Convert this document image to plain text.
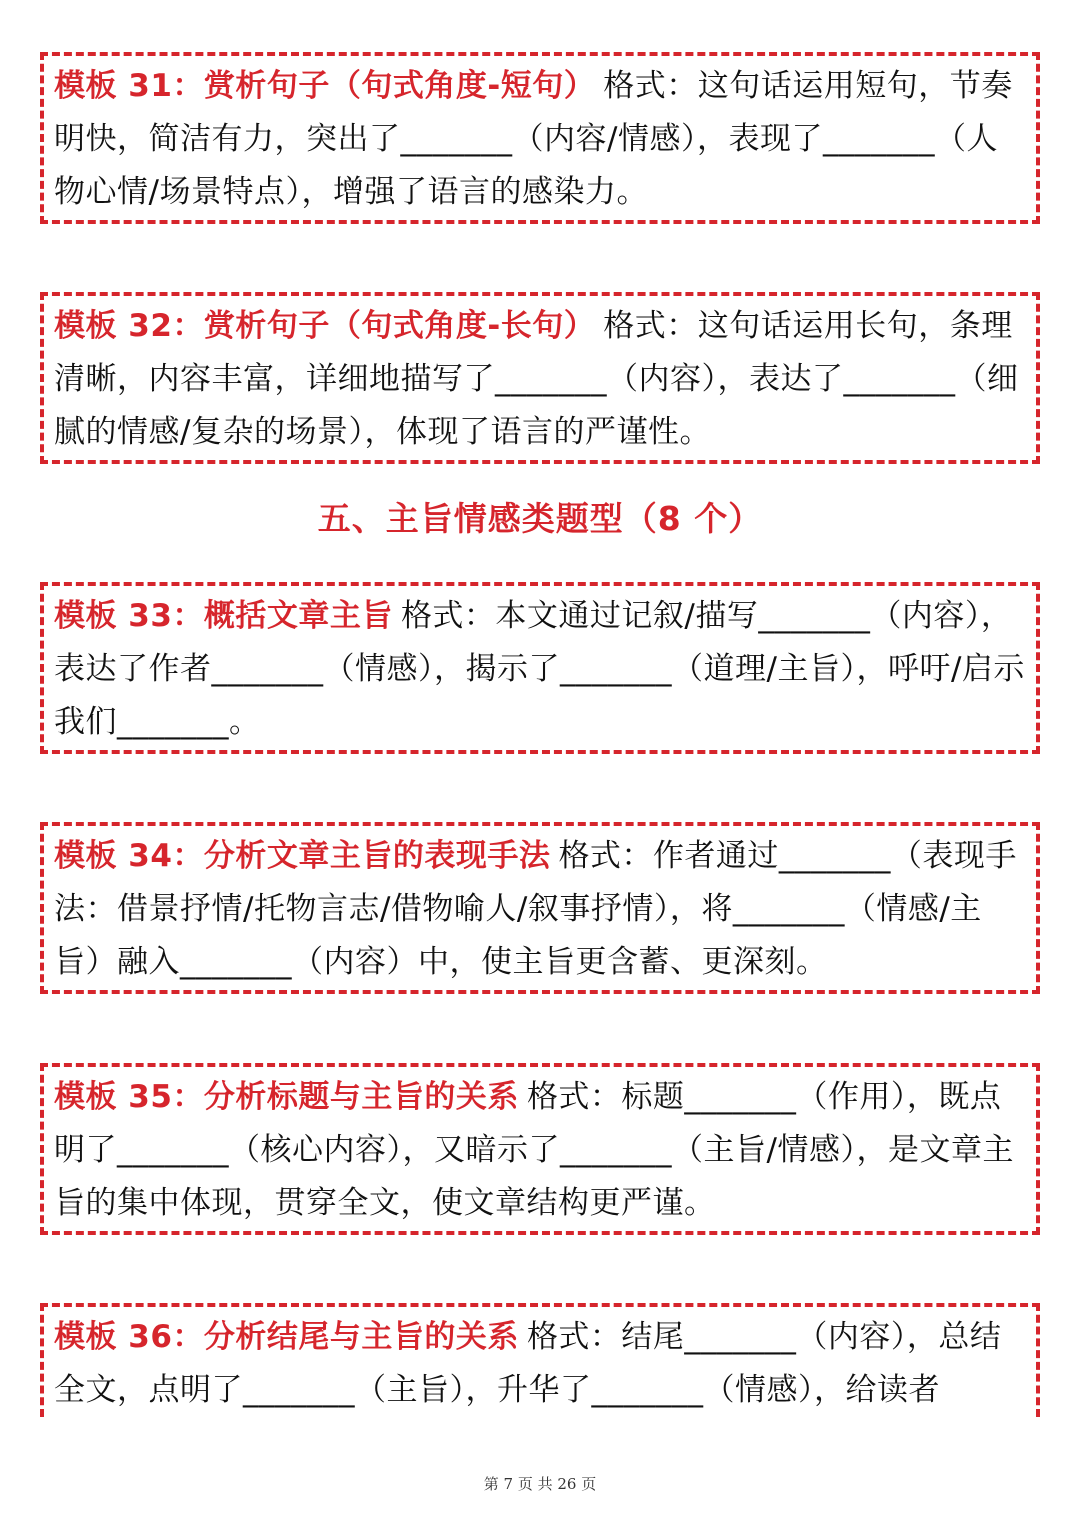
模板 31：赏析句子（句式角度-短句） 格式：这句话运用短句，节奏明快，简洁有力，突出了_______（内容/情感），表现了_______（人物心情/场景特点），增强了语言的感染力。
模板 32：赏析句子（句式角度-长句） 格式：这句话运用长句，条理清晰，内容丰富，详细地描写了_______（内容），表达了_______（细腻的情感/复杂的场景），体现了语言的严谨性。
五、主旨情感类题型（8 个）
模板 33：概括文章主旨 格式：本文通过记叙/描写_______（内容），表达了作者_______（情感），揭示了_______（道理/主旨），呼吁/启示我们_______。
模板 34：分析文章主旨的表现手法 格式：作者通过_______（表现手法：借景抒情/托物言志/借物喻人/叙事抒情），将_______（情感/主旨）融入_______（内容）中，使主旨更含蓄、更深刻。
模板 35：分析标题与主旨的关系 格式：标题_______（作用），既点明了_______（核心内容），又暗示了_______（主旨/情感），是文章主旨的集中体现，贯穿全文，使文章结构更严谨。
模板 36：分析结尾与主旨的关系 格式：结尾_______（内容），总结全文，点明了_______（主旨），升华了_______（情感），给读者
第 7 页 共 26 页
